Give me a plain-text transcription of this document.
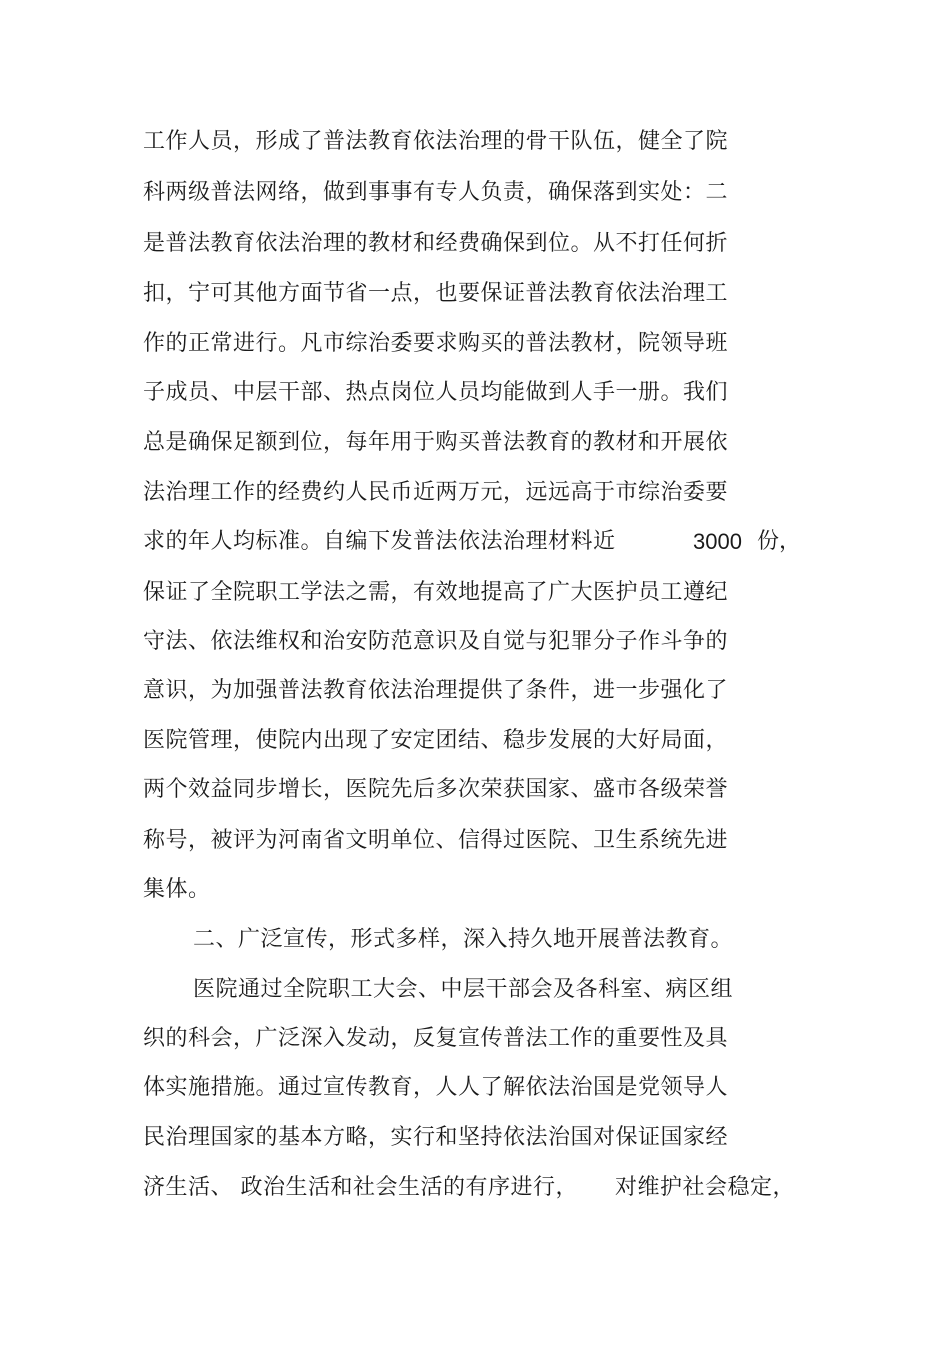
工作人员，形成了普法教育依法治理的骨干队伍，健全了院
科两级普法网络，做到事事有专人负责，确保落到实处：二
是普法教育依法治理的教材和经费确保到位。从不打任何折
扣，宁可其他方面节省一点，也要保证普法教育依法治理工
作的正常进行。凡市综治委要求购买的普法教材，院领导班
子成员、中层干部、热点岗位人员均能做到人手一册。我们
总是确保足额到位，每年用于购买普法教育的教材和开展依
法治理工作的经费约人民币近两万元，远远高于市综治委要
求的年人均标准。自编下发普法依法治理材料近	3000 份，
保证了全院职工学法之需，有效地提高了广大医护员工遵纪
守法、依法维权和治安防范意识及自觉与犯罪分子作斗争的
意识，为加强普法教育依法治理提供了条件，进一步强化了
医院管理，使院内出现了安定团结、稳步发展的大好局面，
两个效益同步增长，医院先后多次荣获国家、盛市各级荣誉
称号，被评为河南省文明单位、信得过医院、卫生系统先进
集体。
二、广泛宣传，形式多样，深入持久地开展普法教育。
医院通过全院职工大会、中层干部会及各科室、病区组
织的科会，广泛深入发动，反复宣传普法工作的重要性及具
体实施措施。通过宣传教育，人人了解依法治国是党领导人
民治理国家的基本方略，实行和坚持依法治国对保证国家经
济生活、 政治生活和社会生活的有序进行， 对维护社会稳定，
